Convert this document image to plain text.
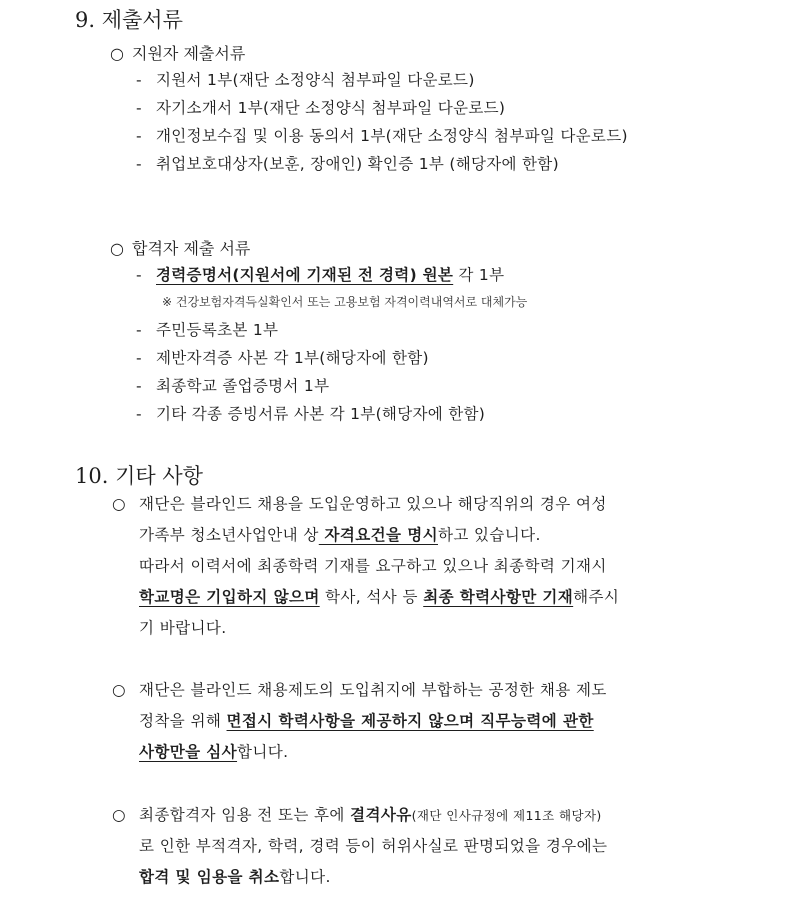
9. 제출서류
○ 지원자 제출서류
- 지원서 1부(재단 소정양식 첨부파일 다운로드)
- 자기소개서 1부(재단 소정양식 첨부파일 다운로드)
- 개인정보수집 및 이용 동의서 1부(재단 소정양식 첨부파일 다운로드)
- 취업보호대상자(보훈, 장애인) 확인증 1부 (해당자에 한함)
○ 합격자 제출 서류
- 경력증명서(지원서에 기재된 전 경력) 원본 각 1부
※ 건강보험자격득실확인서 또는 고용보험 자격이력내역서로 대체가능
- 주민등록초본 1부
- 제반자격증 사본 각 1부(해당자에 한함)
- 최종학교 졸업증명서 1부
- 기타 각종 증빙서류 사본 각 1부(해당자에 한함)
10. 기타 사항
○ 재단은 블라인드 채용을 도입운영하고 있으나 해당직위의 경우 여성
가족부 청소년사업안내 상 자격요건을 명시하고 있습니다.
따라서 이력서에 최종학력 기재를 요구하고 있으나 최종학력 기재시
학교명은 기입하지 않으며 학사, 석사 등 최종 학력사항만 기재해주시
기 바랍니다.
○ 재단은 블라인드 채용제도의 도입취지에 부합하는 공정한 채용 제도
정착을 위해 면접시 학력사항을 제공하지 않으며 직무능력에 관한
사항만을 심사합니다.
○ 최종합격자 임용 전 또는 후에 결격사유(재단 인사규정에 제11조 해당자)
로 인한 부적격자, 학력, 경력 등이 허위사실로 판명되었을 경우에는
합격 및 임용을 취소합니다.
